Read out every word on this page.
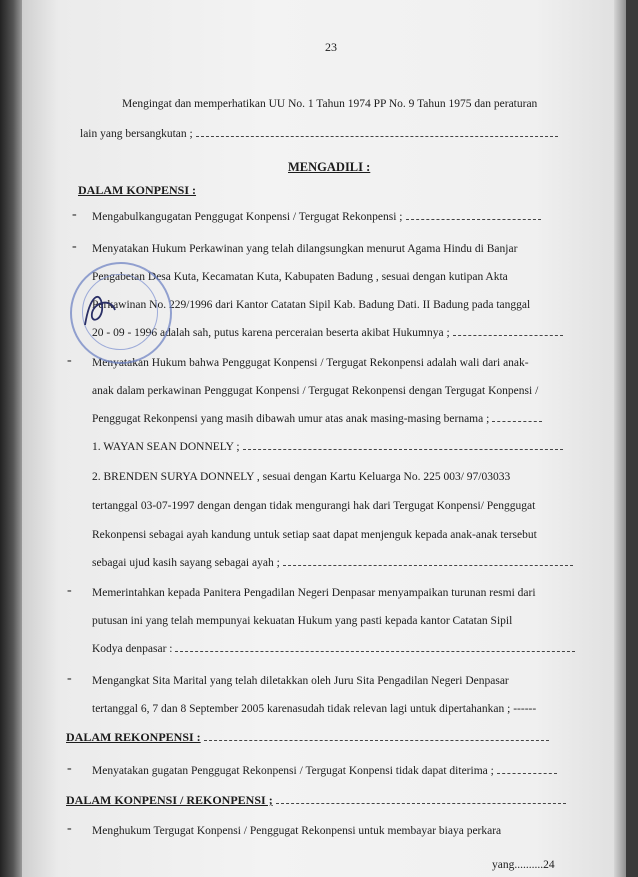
23
Mengingat dan memperhatikan UU No. 1 Tahun 1974 PP No. 9 Tahun 1975 dan peraturan
lain yang bersangkutan ;
MENGADILI :
DALAM KONPENSI :
- Mengabulkangugatan Penggugat Konpensi / Tergugat Rekonpensi ;
- Menyatakan Hukum Perkawinan yang telah dilangsungkan menurut Agama Hindu di Banjar
Pengabetan Desa Kuta, Kecamatan Kuta, Kabupaten Badung , sesuai dengan kutipan Akta
Perkawinan No. 229/1996 dari Kantor Catatan Sipil Kab. Badung Dati. II Badung pada tanggal
20 - 09 - 1996 adalah sah, putus karena perceraian beserta akibat Hukumnya ;
- Menyatakan Hukum bahwa Penggugat Konpensi / Tergugat Rekonpensi adalah wali dari anak-
anak dalam perkawinan Penggugat Konpensi / Tergugat Rekonpensi dengan Tergugat Konpensi /
Penggugat Rekonpensi yang masih dibawah umur atas anak masing-masing bernama ;
1. WAYAN SEAN DONNELY ;
2. BRENDEN SURYA DONNELY , sesuai dengan Kartu Keluarga No. 225 003/ 97/03033
tertanggal 03-07-1997 dengan dengan tidak mengurangi hak dari Tergugat Konpensi/ Penggugat
Rekonpensi sebagai ayah kandung untuk setiap saat dapat menjenguk kepada anak-anak tersebut
sebagai ujud kasih sayang sebagai ayah ;
- Memerintahkan kepada Panitera Pengadilan Negeri Denpasar menyampaikan turunan resmi dari
putusan ini yang telah mempunyai kekuatan Hukum yang pasti kepada kantor Catatan Sipil
Kodya denpasar :
- Mengangkat Sita Marital yang telah diletakkan oleh Juru Sita Pengadilan Negeri Denpasar
tertanggal 6, 7 dan 8 September 2005 karenasudah tidak relevan lagi untuk dipertahankan ; ------
DALAM REKONPENSI :
- Menyatakan gugatan Penggugat Rekonpensi / Tergugat Konpensi tidak dapat diterima ;
DALAM KONPENSI / REKONPENSI ;
- Menghukum Tergugat Konpensi / Penggugat Rekonpensi untuk membayar biaya perkara
yang..........24
